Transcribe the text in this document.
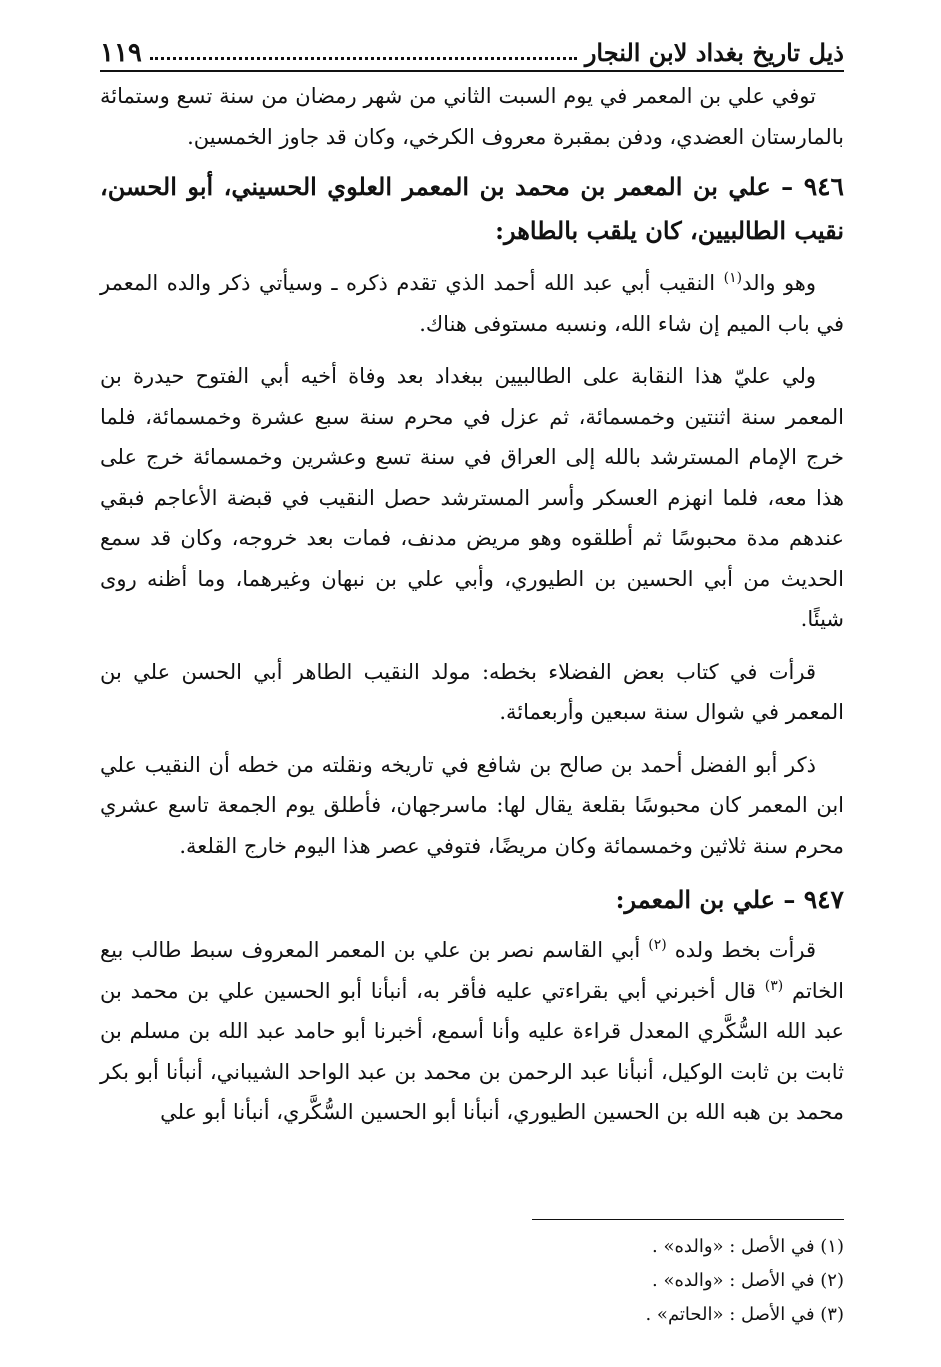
ذيل تاريخ بغداد لابن النجار
١١٩

توفي علي بن المعمر في يوم السبت الثاني من شهر رمضان من سنة تسع وستمائة بالمارستان العضدي، ودفن بمقبرة معروف الكرخي، وكان قد جاوز الخمسين.

٩٤٦ – علي بن المعمر بن محمد بن المعمر العلوي الحسيني، أبو الحسن، نقيب الطالبيين، كان يلقب بالطاهر:

وهو والد$^{(١)}$ النقيب أبي عبد الله أحمد الذي تقدم ذكره ـ وسيأتي ذكر والده المعمر في باب الميم إن شاء الله، ونسبه مستوفى هناك.

ولي عليّ هذا النقابة على الطالبيين ببغداد بعد وفاة أخيه أبي الفتوح حيدرة بن المعمر سنة اثنتين وخمسمائة، ثم عزل في محرم سنة سبع عشرة وخمسمائة، فلما خرج الإمام المسترشد بالله إلى العراق في سنة تسع وعشرين وخمسمائة خرج على هذا معه، فلما انهزم العسكر وأسر المسترشد حصل النقيب في قبضة الأعاجم فبقي عندهم مدة محبوسًا ثم أطلقوه وهو مريض مدنف، فمات بعد خروجه، وكان قد سمع الحديث من أبي الحسين بن الطيوري، وأبي علي بن نبهان وغيرهما، وما أظنه روى شيئًا.

قرأت في كتاب بعض الفضلاء بخطه: مولد النقيب الطاهر أبي الحسن علي بن المعمر في شوال سنة سبعين وأربعمائة.

ذكر أبو الفضل أحمد بن صالح بن شافع في تاريخه ونقلته من خطه أن النقيب علي ابن المعمر كان محبوسًا بقلعة يقال لها: ماسرجهان، فأطلق يوم الجمعة تاسع عشري محرم سنة ثلاثين وخمسمائة وكان مريضًا، فتوفي عصر هذا اليوم خارج القلعة.

٩٤٧ – علي بن المعمر:

قرأت بخط ولده $^{(٢)}$ أبي القاسم نصر بن علي بن المعمر المعروف سبط طالب بيع الخاتم $^{(٣)}$ قال أخبرني أبي بقراءتي عليه فأقر به، أنبأنا أبو الحسين علي بن محمد بن عبد الله السُّكَّري المعدل قراءة عليه وأنا أسمع، أخبرنا أبو حامد عبد الله بن مسلم بن ثابت بن ثابت الوكيل، أنبأنا عبد الرحمن بن محمد بن عبد الواحد الشيباني، أنبأنا أبو بكر محمد بن هبه الله بن الحسين الطيوري، أنبأنا أبو الحسين السُّكَّري، أنبأنا أبو علي

(١) في الأصل : «والده» .
(٢) في الأصل : «والده» .
(٣) في الأصل : «الحاتم» .
